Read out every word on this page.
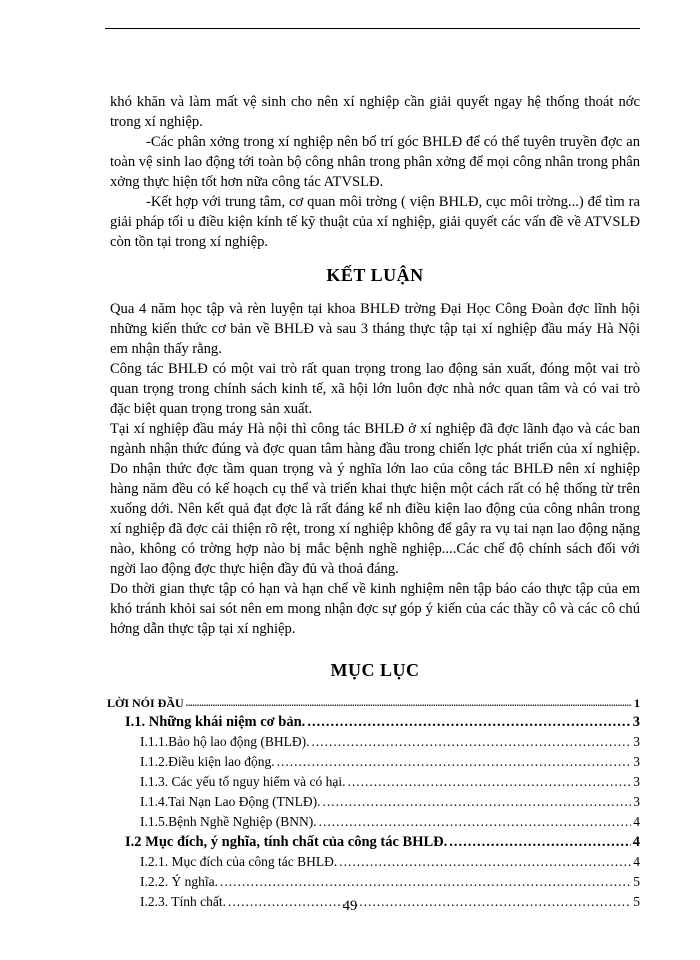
khó khăn và làm mất vệ sinh cho nên xí nghiệp cần giải quyết ngay hệ thống thoát nớc trong xí nghiệp.

-Các phân xởng trong xí nghiệp nên bố trí góc BHLĐ để có thể tuyên truyền đợc an toàn vệ sinh lao động tới toàn bộ công nhân trong phân xởng để mọi công nhân trong phân xởng thực hiện tốt hơn nữa công tác ATVSLĐ.

-Kết hợp với trung tâm, cơ quan môi trờng ( viện BHLĐ, cục môi trờng...) để tìm ra giải pháp tối u điều kiện kính tế kỹ thuật của xí nghiệp, giải quyết các vấn đề về ATVSLĐ còn tồn tại trong xí nghiệp.

KẾT LUẬN

Qua 4 năm học tập và rèn luyện tại khoa BHLĐ trờng Đại Học Công Đoàn đợc lĩnh hội những kiến thức cơ bản về BHLĐ và sau 3 tháng thực tập tại xí nghiệp đầu máy Hà Nội em nhận thấy rằng.

Công tác BHLĐ có một vai trò rất quan trọng trong lao động sản xuất, đóng một vai trò quan trọng trong chính sách kinh tế, xã hội lớn luôn đợc nhà nớc quan tâm và có vai trò đặc biệt quan trọng trong sản xuất.

Tại xí nghiệp đầu máy Hà nội thì công tác BHLĐ ở xí nghiệp đã đợc lãnh đạo và các ban ngành nhận thức đúng và đợc quan tâm hàng đầu trong chiến lợc phát triển của xí nghiệp. Do nhận thức đợc tầm quan trọng và ý nghĩa lớn lao của công tác BHLĐ nên xí nghiệp hàng năm đều có kế hoạch cụ thể và triển khai thực hiện một cách rất có hệ thống từ trên xuống dới. Nên kết quả đạt đợc là rất đáng kể nh điều kiện lao động của công nhân trong xí nghiệp đã đợc cải thiện rõ rệt, trong xí nghiệp không để gây ra vụ tai nạn lao động nặng nào, không có trờng hợp nào bị mắc bệnh nghề nghiệp....Các chế độ chính sách đối với ngời lao động đợc thực hiện đầy đủ và thoả đáng.

Do thời gian thực tập có hạn và hạn chế về kinh nghiệm nên tập báo cáo thực tập của em khó tránh khỏi sai sót nên em mong nhận đợc sự góp ý kiến của các thầy cô và các cô chú hớng dẫn thực tập tại xí nghiệp.

MỤC LỤC
LỜI NÓI ĐẦU .....	1
I.1. Những khái niệm cơ bản. .....	3
I.1.1.Bảo hộ lao động (BHLĐ). .....	3
I.1.2.Điều kiện lao động. .....	3
I.1.3. Các yếu tố nguy hiểm và có hại. .....	3
I.1.4.Tai Nạn Lao Động (TNLĐ). .....	3
I.1.5.Bệnh Nghề Nghiệp (BNN). .....	4
I.2 Mục đích, ý nghĩa, tính chất của công tác BHLĐ. .....	4
I.2.1. Mục đích của công tác BHLĐ. .....	4
I.2.2. Ý nghĩa. .....	5
I.2.3. Tính chất. .....	5
49
